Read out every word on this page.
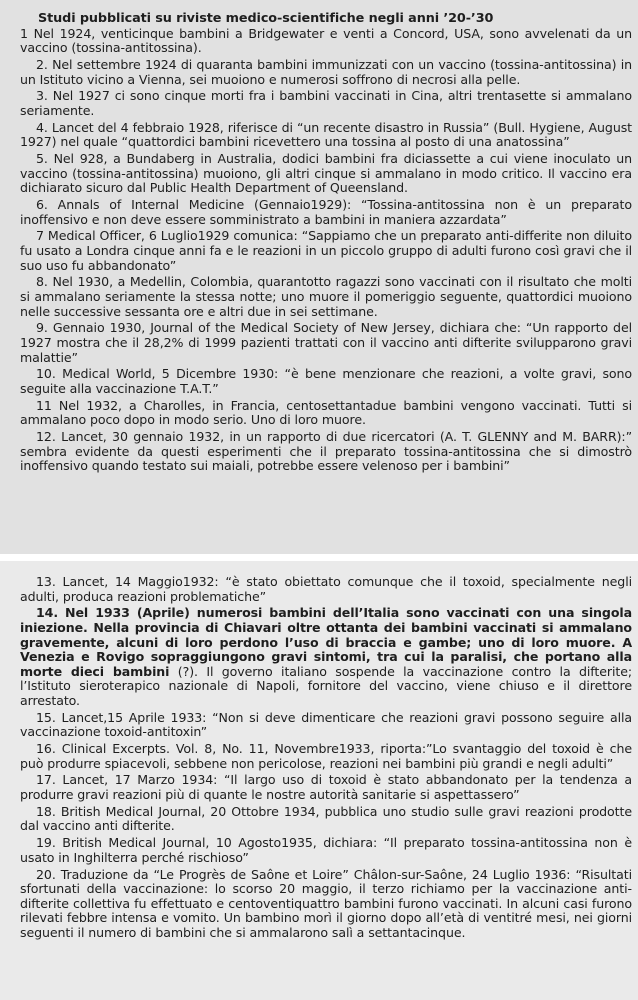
Studi pubblicati su riviste medico-scientifiche negli anni ’20-’30

1 Nel 1924, venticinque bambini a Bridgewater e venti a Concord, USA, sono avvelenati da un vaccino (tossina-antitossina).

2. Nel settembre 1924 di quaranta bambini immunizzati con un vaccino (tossina-antitossina) in un Istituto vicino a Vienna, sei muoiono e numerosi soffrono di necrosi alla pelle.

3. Nel 1927 ci sono cinque morti fra i bambini vaccinati in Cina, altri trentasette si ammalano seriamente.

4. Lancet del 4 febbraio 1928, riferisce di “un recente disastro in Russia” (Bull. Hygiene, August 1927) nel quale “quattordici bambini ricevettero una tossina al posto di una anatossina”

5. Nel 928, a Bundaberg in Australia, dodici bambini fra diciassette a cui viene inoculato un vaccino (tossina-antitossina) muoiono, gli altri cinque si ammalano in modo critico. Il vaccino era dichiarato sicuro dal Public Health Department of Queensland.

6. Annals of Internal Medicine (Gennaio1929): “Tossina-antitossina non è un preparato inoffensivo e non deve essere somministrato a bambini in maniera azzardata”

7 Medical Officer, 6 Luglio1929 comunica: “Sappiamo che un preparato anti-differite non diluito fu usato a Londra cinque anni fa e le reazioni in un piccolo gruppo di adulti furono così gravi che il suo uso fu abbandonato”

8. Nel 1930, a Medellin, Colombia, quarantotto ragazzi sono vaccinati con il risultato che molti si ammalano seriamente la stessa notte; uno muore il pomeriggio seguente, quattordici muoiono nelle successive sessanta ore e altri due in sei settimane.

9. Gennaio 1930, Journal of the Medical Society of New Jersey, dichiara che: “Un rapporto del 1927 mostra che il 28,2% di 1999 pazienti trattati con il vaccino anti difterite svilupparono gravi malattie”

10. Medical World, 5 Dicembre 1930: “è bene menzionare che reazioni, a volte gravi, sono seguite alla vaccinazione T.A.T.”

11 Nel 1932, a Charolles, in Francia, centosettantadue bambini vengono vaccinati. Tutti si ammalano poco dopo in modo serio. Uno di loro muore.

12. Lancet, 30 gennaio 1932, in un rapporto di due ricercatori (A. T. GLENNY and M. BARR):” sembra evidente da questi esperimenti che il preparato tossina-antitossina che si dimostrò inoffensivo quando testato sui maiali, potrebbe essere velenoso per i bambini”

13. Lancet, 14 Maggio1932: “è stato obiettato comunque che il toxoid, specialmente negli adulti, produca reazioni problematiche”

14. Nel 1933 (Aprile) numerosi bambini dell’Italia sono vaccinati con una singola iniezione. Nella provincia di Chiavari oltre ottanta dei bambini vaccinati si ammalano gravemente, alcuni di loro perdono l’uso di braccia e gambe; uno di loro muore. A Venezia e Rovigo sopraggiungono gravi sintomi, tra cui la paralisi, che portano alla morte dieci bambini (?). Il governo italiano sospende la vaccinazione contro la difterite; l’Istituto sieroterapico nazionale di Napoli, fornitore del vaccino, viene chiuso e il direttore arrestato.

15. Lancet,15 Aprile 1933: “Non si deve dimenticare che reazioni gravi possono seguire alla vaccinazione toxoid-antitoxin”

16. Clinical Excerpts. Vol. 8, No. 11, Novembre1933, riporta:”Lo svantaggio del toxoid è che può produrre spiacevoli, sebbene non pericolose, reazioni nei bambini più grandi e negli adulti”

17. Lancet, 17 Marzo 1934: “Il largo uso di toxoid è stato abbandonato per la tendenza a produrre gravi reazioni più di quante le nostre autorità sanitarie si aspettassero”

18. British Medical Journal, 20 Ottobre 1934, pubblica uno studio sulle gravi reazioni prodotte dal vaccino anti difterite.

19. British Medical Journal, 10 Agosto1935, dichiara: “Il preparato tossina-antitossina non è usato in Inghilterra perché rischioso”

20. Traduzione da “Le Progrès de Saône et Loire” Châlon-sur-Saône, 24 Luglio 1936: “Risultati sfortunati della vaccinazione: lo scorso 20 maggio, il terzo richiamo per la vaccinazione anti-difterite collettiva fu effettuato e centoventiquattro bambini furono vaccinati. In alcuni casi furono rilevati febbre intensa e vomito. Un bambino morì il giorno dopo all’età di ventitré mesi, nei giorni seguenti il numero di bambini che si ammalarono salì a settantacinque.
